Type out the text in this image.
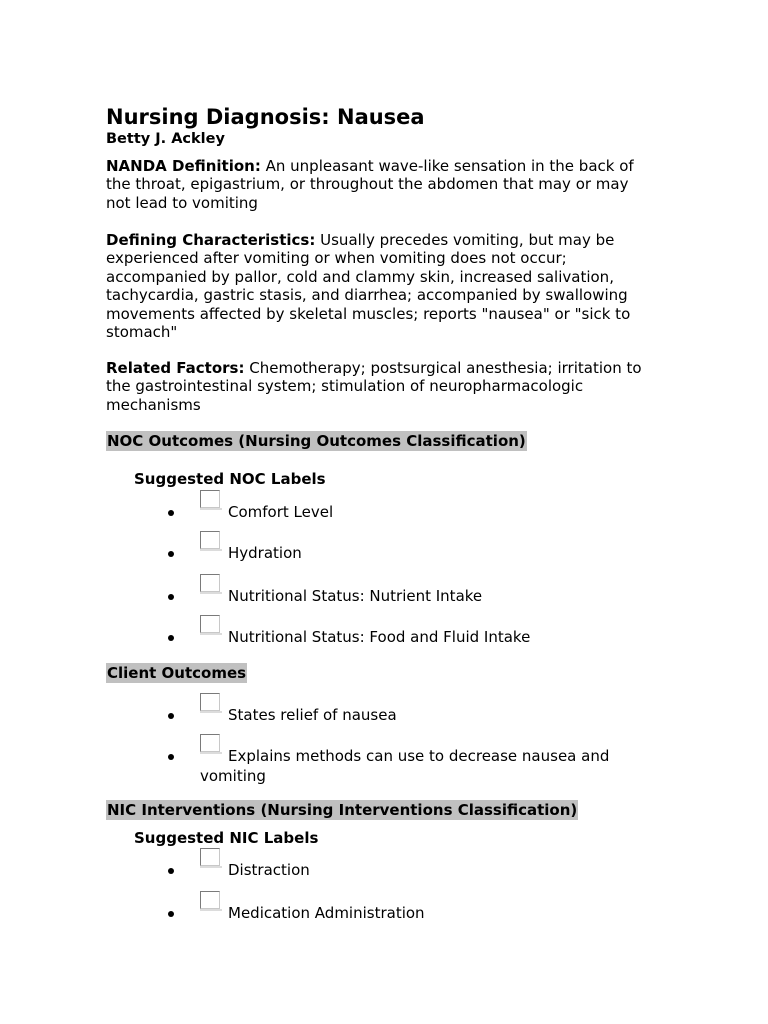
Nursing Diagnosis: Nausea
Betty J. Ackley
NANDA Definition: An unpleasant wave-like sensation in the back of the throat, epigastrium, or throughout the abdomen that may or may not lead to vomiting
Defining Characteristics: Usually precedes vomiting, but may be experienced after vomiting or when vomiting does not occur; accompanied by pallor, cold and clammy skin, increased salivation, tachycardia, gastric stasis, and diarrhea; accompanied by swallowing movements affected by skeletal muscles; reports "nausea" or "sick to stomach"
Related Factors: Chemotherapy; postsurgical anesthesia; irritation to the gastrointestinal system; stimulation of neuropharmacologic mechanisms
NOC Outcomes (Nursing Outcomes Classification)
Suggested NOC Labels
Comfort Level
Hydration
Nutritional Status: Nutrient Intake
Nutritional Status: Food and Fluid Intake
Client Outcomes
States relief of nausea
Explains methods can use to decrease nausea and vomiting
NIC Interventions (Nursing Interventions Classification)
Suggested NIC Labels
Distraction
Medication Administration
